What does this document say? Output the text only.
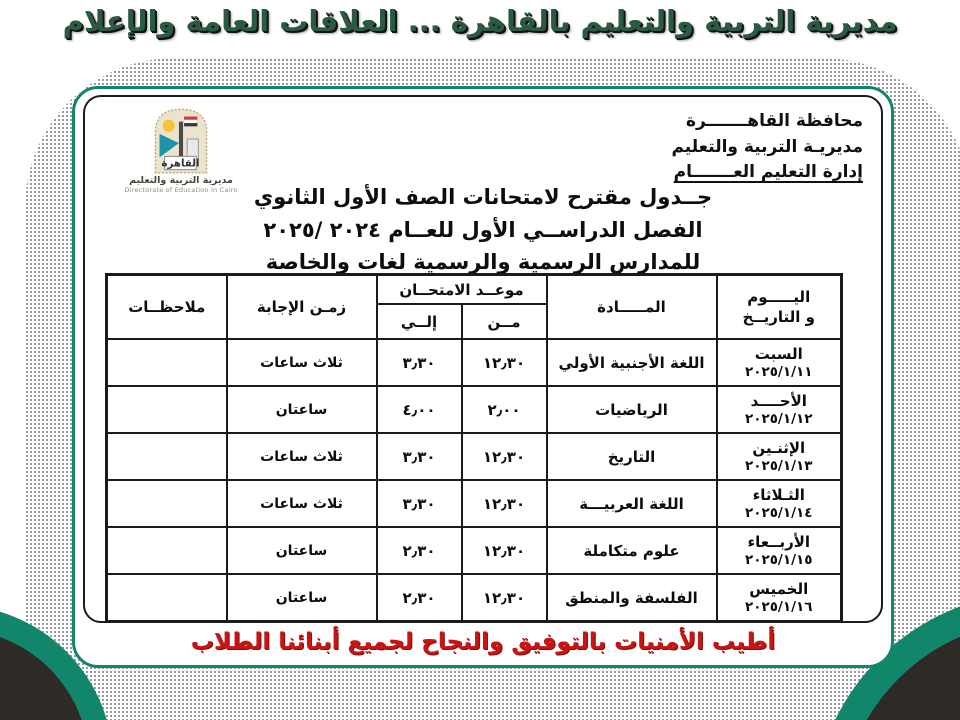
مديرية التربية والتعليم بالقاهرة ... العلاقات العامة والإعلام
القاهرة
مديرية التربية والتعليم
Directorate of Education in Cairo
محافظة القاهـــــــرة
مديريـة التربية والتعليم
إدارة التعليم العـــــــام
جــدول مقترح لامتحانات الصف الأول الثانوي
الفصل الدراســي الأول للعــام ٢٠٢٤ /٢٠٢٥
للمدارس الرسمية والرسمية لغات والخاصة
اليـــــوم
و التاريــخ	المـــــادة	موعــد الامتحــان		زمـن الإجابة	ملاحظــات
		مــن	إلــي		

السبت
٢٠٢٥/١/١١	اللغة الأجنبية الأولي	١٢٫٣٠	٣٫٣٠	ثلاث ساعات	

الأحــــد
٢٠٢٥/١/١٢	الرياضيات	٢٫٠٠	٤٫٠٠	ساعتان	

الإثنـين
٢٠٢٥/١/١٣	التاريخ	١٢٫٣٠	٣٫٣٠	ثلاث ساعات	

الثـلاثاء
٢٠٢٥/١/١٤	اللغة العربيـــة	١٢٫٣٠	٣٫٣٠	ثلاث ساعات	

الأربــعاء
٢٠٢٥/١/١٥	علوم متكاملة	١٢٫٣٠	٢٫٣٠	ساعتان	

الخميس
٢٠٢٥/١/١٦	الفلسفة والمنطق	١٢٫٣٠	٢٫٣٠	ساعتان	
أطيب الأمنيات بالتوفيق والنجاح لجميع أبنائنا الطلاب
